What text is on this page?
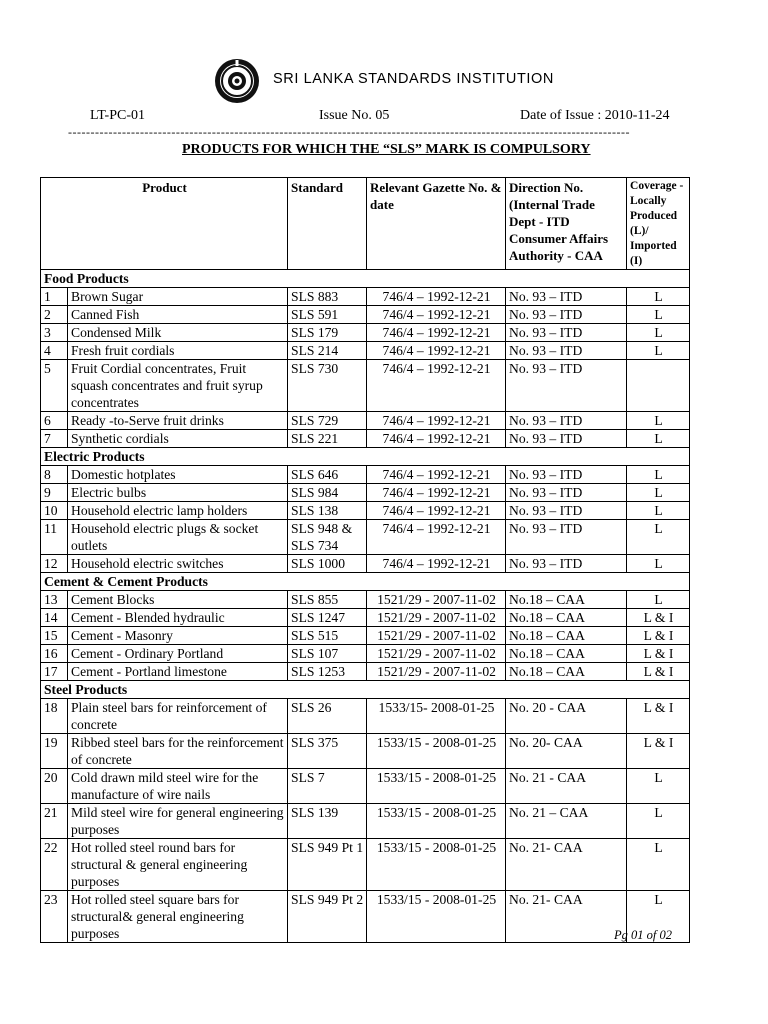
SRI LANKA STANDARDS INSTITUTION
LT-PC-01	Issue No. 05	Date of Issue : 2010-11-24
-----------------------------------------------------------------------------------------------------------------------------
PRODUCTS FOR WHICH THE “SLS” MARK IS COMPULSORY
Product		Standard	Relevant Gazette No. & date	Direction No. (Internal Trade Dept - ITD Consumer Affairs Authority - CAA	Coverage - Locally Produced (L)/ Imported (I)
Food Products					
1	Brown Sugar	SLS 883	746/4 – 1992-12-21	No. 93 – ITD	L
2	Canned Fish	SLS 591	746/4 – 1992-12-21	No. 93 – ITD	L
3	Condensed Milk	SLS 179	746/4 – 1992-12-21	No. 93 – ITD	L
4	Fresh fruit cordials	SLS 214	746/4 – 1992-12-21	No. 93 – ITD	L
5	Fruit Cordial concentrates, Fruit squash concentrates and fruit syrup concentrates	SLS 730	746/4 – 1992-12-21	No. 93 – ITD	
6	Ready -to-Serve fruit drinks	SLS 729	746/4 – 1992-12-21	No. 93 – ITD	L
7	Synthetic cordials	SLS 221	746/4 – 1992-12-21	No. 93 – ITD	L
Electric Products					
8	Domestic hotplates	SLS 646	746/4 – 1992-12-21	No. 93 – ITD	L
9	Electric bulbs	SLS 984	746/4 – 1992-12-21	No. 93 – ITD	L
10	Household electric lamp holders	SLS 138	746/4 – 1992-12-21	No. 93 – ITD	L
11	Household electric plugs & socket outlets	SLS 948 & SLS 734	746/4 – 1992-12-21	No. 93 – ITD	L
12	Household electric switches	SLS 1000	746/4 – 1992-12-21	No. 93 – ITD	L
Cement & Cement Products					
13	Cement Blocks	SLS 855	1521/29 - 2007-11-02	No.18 – CAA	L
14	Cement - Blended hydraulic	SLS 1247	1521/29 - 2007-11-02	No.18 – CAA	L & I
15	Cement - Masonry	SLS 515	1521/29 - 2007-11-02	No.18 – CAA	L & I
16	Cement - Ordinary Portland	SLS 107	1521/29 - 2007-11-02	No.18 – CAA	L & I
17	Cement - Portland limestone	SLS 1253	1521/29 - 2007-11-02	No.18 – CAA	L & I
Steel Products					
18	Plain steel bars for reinforcement of concrete	SLS 26	1533/15- 2008-01-25	No. 20 - CAA	L & I
19	Ribbed steel bars for the reinforcement of concrete	SLS 375	1533/15 - 2008-01-25	No. 20- CAA	L & I
20	Cold drawn mild steel wire for the manufacture of wire nails	SLS 7	1533/15 - 2008-01-25	No. 21 - CAA	L
21	Mild steel wire for general engineering purposes	SLS 139	1533/15 - 2008-01-25	No. 21 – CAA	L
22	Hot rolled steel round bars for structural & general engineering purposes	SLS 949 Pt 1	1533/15 - 2008-01-25	No. 21- CAA	L
23	Hot rolled steel square bars for structural& general engineering purposes	SLS 949 Pt 2	1533/15 - 2008-01-25	No. 21- CAA	L
Pg 01 of 02
